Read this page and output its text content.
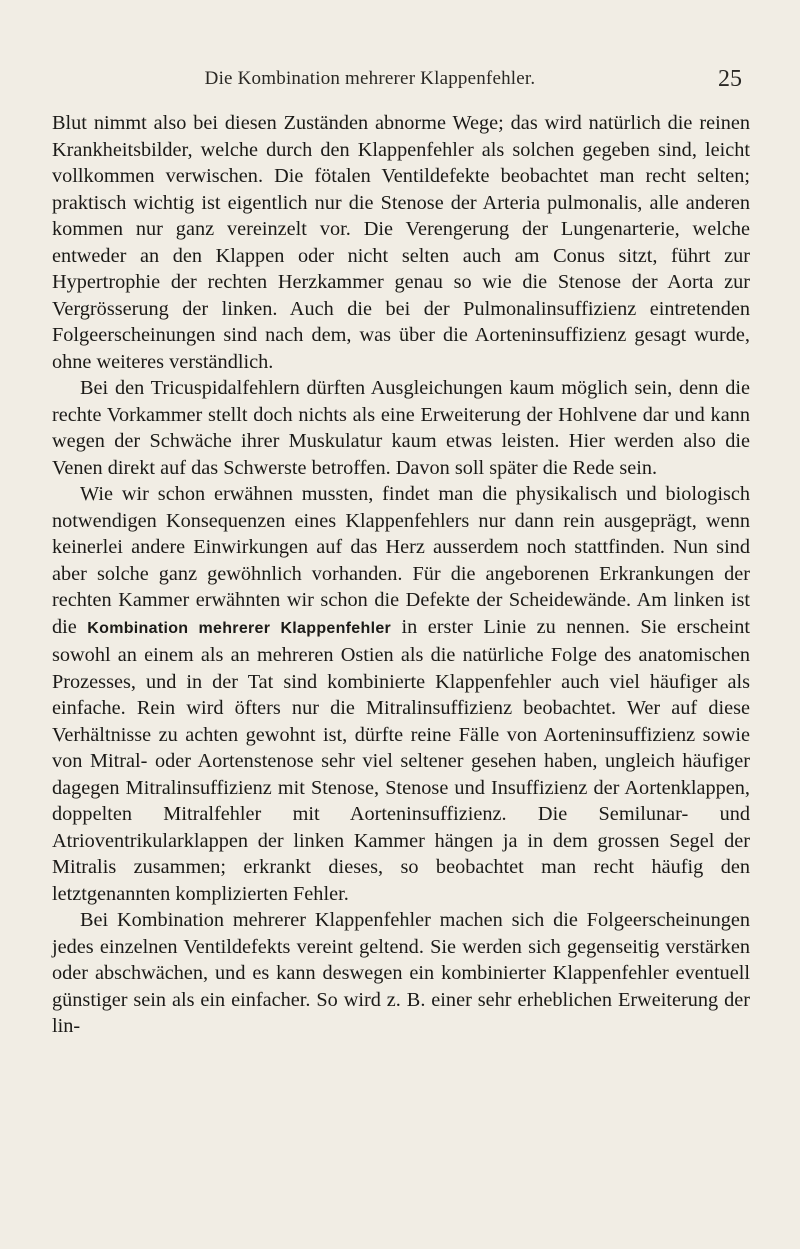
Die Kombination mehrerer Klappenfehler.	25

Blut nimmt also bei diesen Zuständen abnorme Wege; das wird natürlich die reinen Krankheitsbilder, welche durch den Klappenfehler als solchen gegeben sind, leicht vollkommen verwischen. Die fötalen Ventildefekte beobachtet man recht selten; praktisch wichtig ist eigentlich nur die Stenose der Arteria pulmonalis, alle anderen kommen nur ganz vereinzelt vor. Die Verengerung der Lungenarterie, welche entweder an den Klappen oder nicht selten auch am Conus sitzt, führt zur Hypertrophie der rechten Herzkammer genau so wie die Stenose der Aorta zur Vergrösserung der linken. Auch die bei der Pulmonalinsuffizienz eintretenden Folgeerscheinungen sind nach dem, was über die Aorteninsuffizienz gesagt wurde, ohne weiteres verständlich.

Bei den Tricuspidalfehlern dürften Ausgleichungen kaum möglich sein, denn die rechte Vorkammer stellt doch nichts als eine Erweiterung der Hohlvene dar und kann wegen der Schwäche ihrer Muskulatur kaum etwas leisten. Hier werden also die Venen direkt auf das Schwerste betroffen. Davon soll später die Rede sein.

Wie wir schon erwähnen mussten, findet man die physikalisch und biologisch notwendigen Konsequenzen eines Klappenfehlers nur dann rein ausgeprägt, wenn keinerlei andere Einwirkungen auf das Herz ausserdem noch stattfinden. Nun sind aber solche ganz gewöhnlich vorhanden. Für die angeborenen Erkrankungen der rechten Kammer erwähnten wir schon die Defekte der Scheidewände. Am linken ist die Kombination mehrerer Klappenfehler in erster Linie zu nennen. Sie erscheint sowohl an einem als an mehreren Ostien als die natürliche Folge des anatomischen Prozesses, und in der Tat sind kombinierte Klappenfehler auch viel häufiger als einfache. Rein wird öfters nur die Mitralinsuffizienz beobachtet. Wer auf diese Verhältnisse zu achten gewohnt ist, dürfte reine Fälle von Aorteninsuffizienz sowie von Mitral- oder Aortenstenose sehr viel seltener gesehen haben, ungleich häufiger dagegen Mitralinsuffizienz mit Stenose, Stenose und Insuffizienz der Aortenklappen, doppelten Mitralfehler mit Aorteninsuffizienz. Die Semilunar- und Atrioventrikularklappen der linken Kammer hängen ja in dem grossen Segel der Mitralis zusammen; erkrankt dieses, so beobachtet man recht häufig den letztgenannten komplizierten Fehler.

Bei Kombination mehrerer Klappenfehler machen sich die Folgeerscheinungen jedes einzelnen Ventildefekts vereint geltend. Sie werden sich gegenseitig verstärken oder abschwächen, und es kann deswegen ein kombinierter Klappenfehler eventuell günstiger sein als ein einfacher. So wird z. B. einer sehr erheblichen Erweiterung der lin-
